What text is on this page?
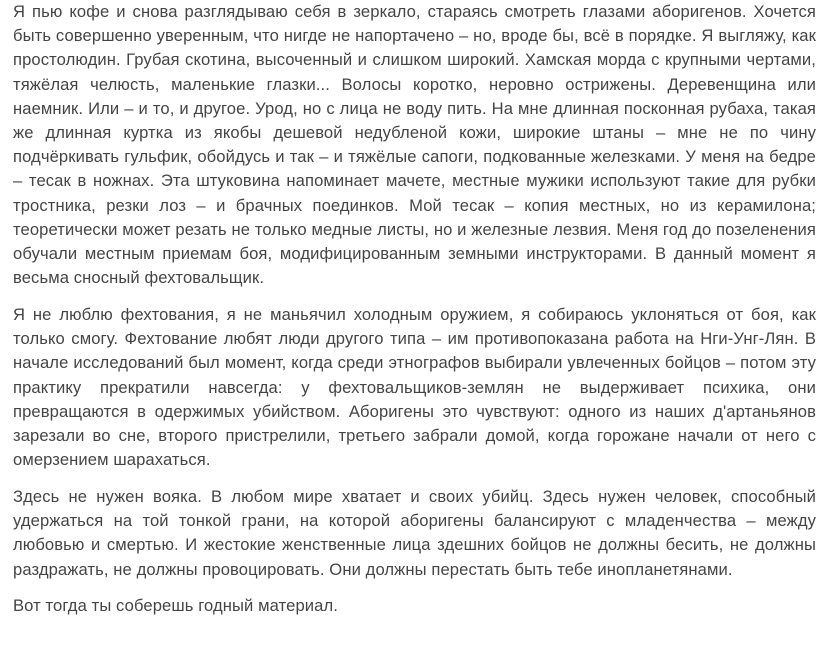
Я пью кофе и снова разглядываю себя в зеркало, стараясь смотреть глазами аборигенов. Хочется быть совершенно уверенным, что нигде не напортачено – но, вроде бы, всё в порядке. Я выгляжу, как простолюдин. Грубая скотина, высоченный и слишком широкий. Хамская морда с крупными чертами, тяжёлая челюсть, маленькие глазки... Волосы коротко, неровно острижены. Деревенщина или наемник. Или – и то, и другое. Урод, но с лица не воду пить. На мне длинная посконная рубаха, такая же длинная куртка из якобы дешевой недубленой кожи, широкие штаны – мне не по чину подчёркивать гульфик, обойдусь и так – и тяжёлые сапоги, подкованные железками. У меня на бедре – тесак в ножнах. Эта штуковина напоминает мачете, местные мужики используют такие для рубки тростника, резки лоз – и брачных поединков. Мой тесак – копия местных, но из керамилона; теоретически может резать не только медные листы, но и железные лезвия. Меня год до позеленения обучали местным приемам боя, модифицированным земными инструкторами. В данный момент я весьма сносный фехтовальщик.

Я не люблю фехтования, я не маньячил холодным оружием, я собираюсь уклоняться от боя, как только смогу. Фехтование любят люди другого типа – им противопоказана работа на Нги-Унг-Лян. В начале исследований был момент, когда среди этнографов выбирали увлеченных бойцов – потом эту практику прекратили навсегда: у фехтовальщиков-землян не выдерживает психика, они превращаются в одержимых убийством. Аборигены это чувствуют: одного из наших д'артаньянов зарезали во сне, второго пристрелили, третьего забрали домой, когда горожане начали от него с омерзением шарахаться.

Здесь не нужен вояка. В любом мире хватает и своих убийц. Здесь нужен человек, способный удержаться на той тонкой грани, на которой аборигены балансируют с младенчества – между любовью и смертью. И жестокие женственные лица здешних бойцов не должны бесить, не должны раздражать, не должны провоцировать. Они должны перестать быть тебе инопланетянами.

Вот тогда ты соберешь годный материал.
